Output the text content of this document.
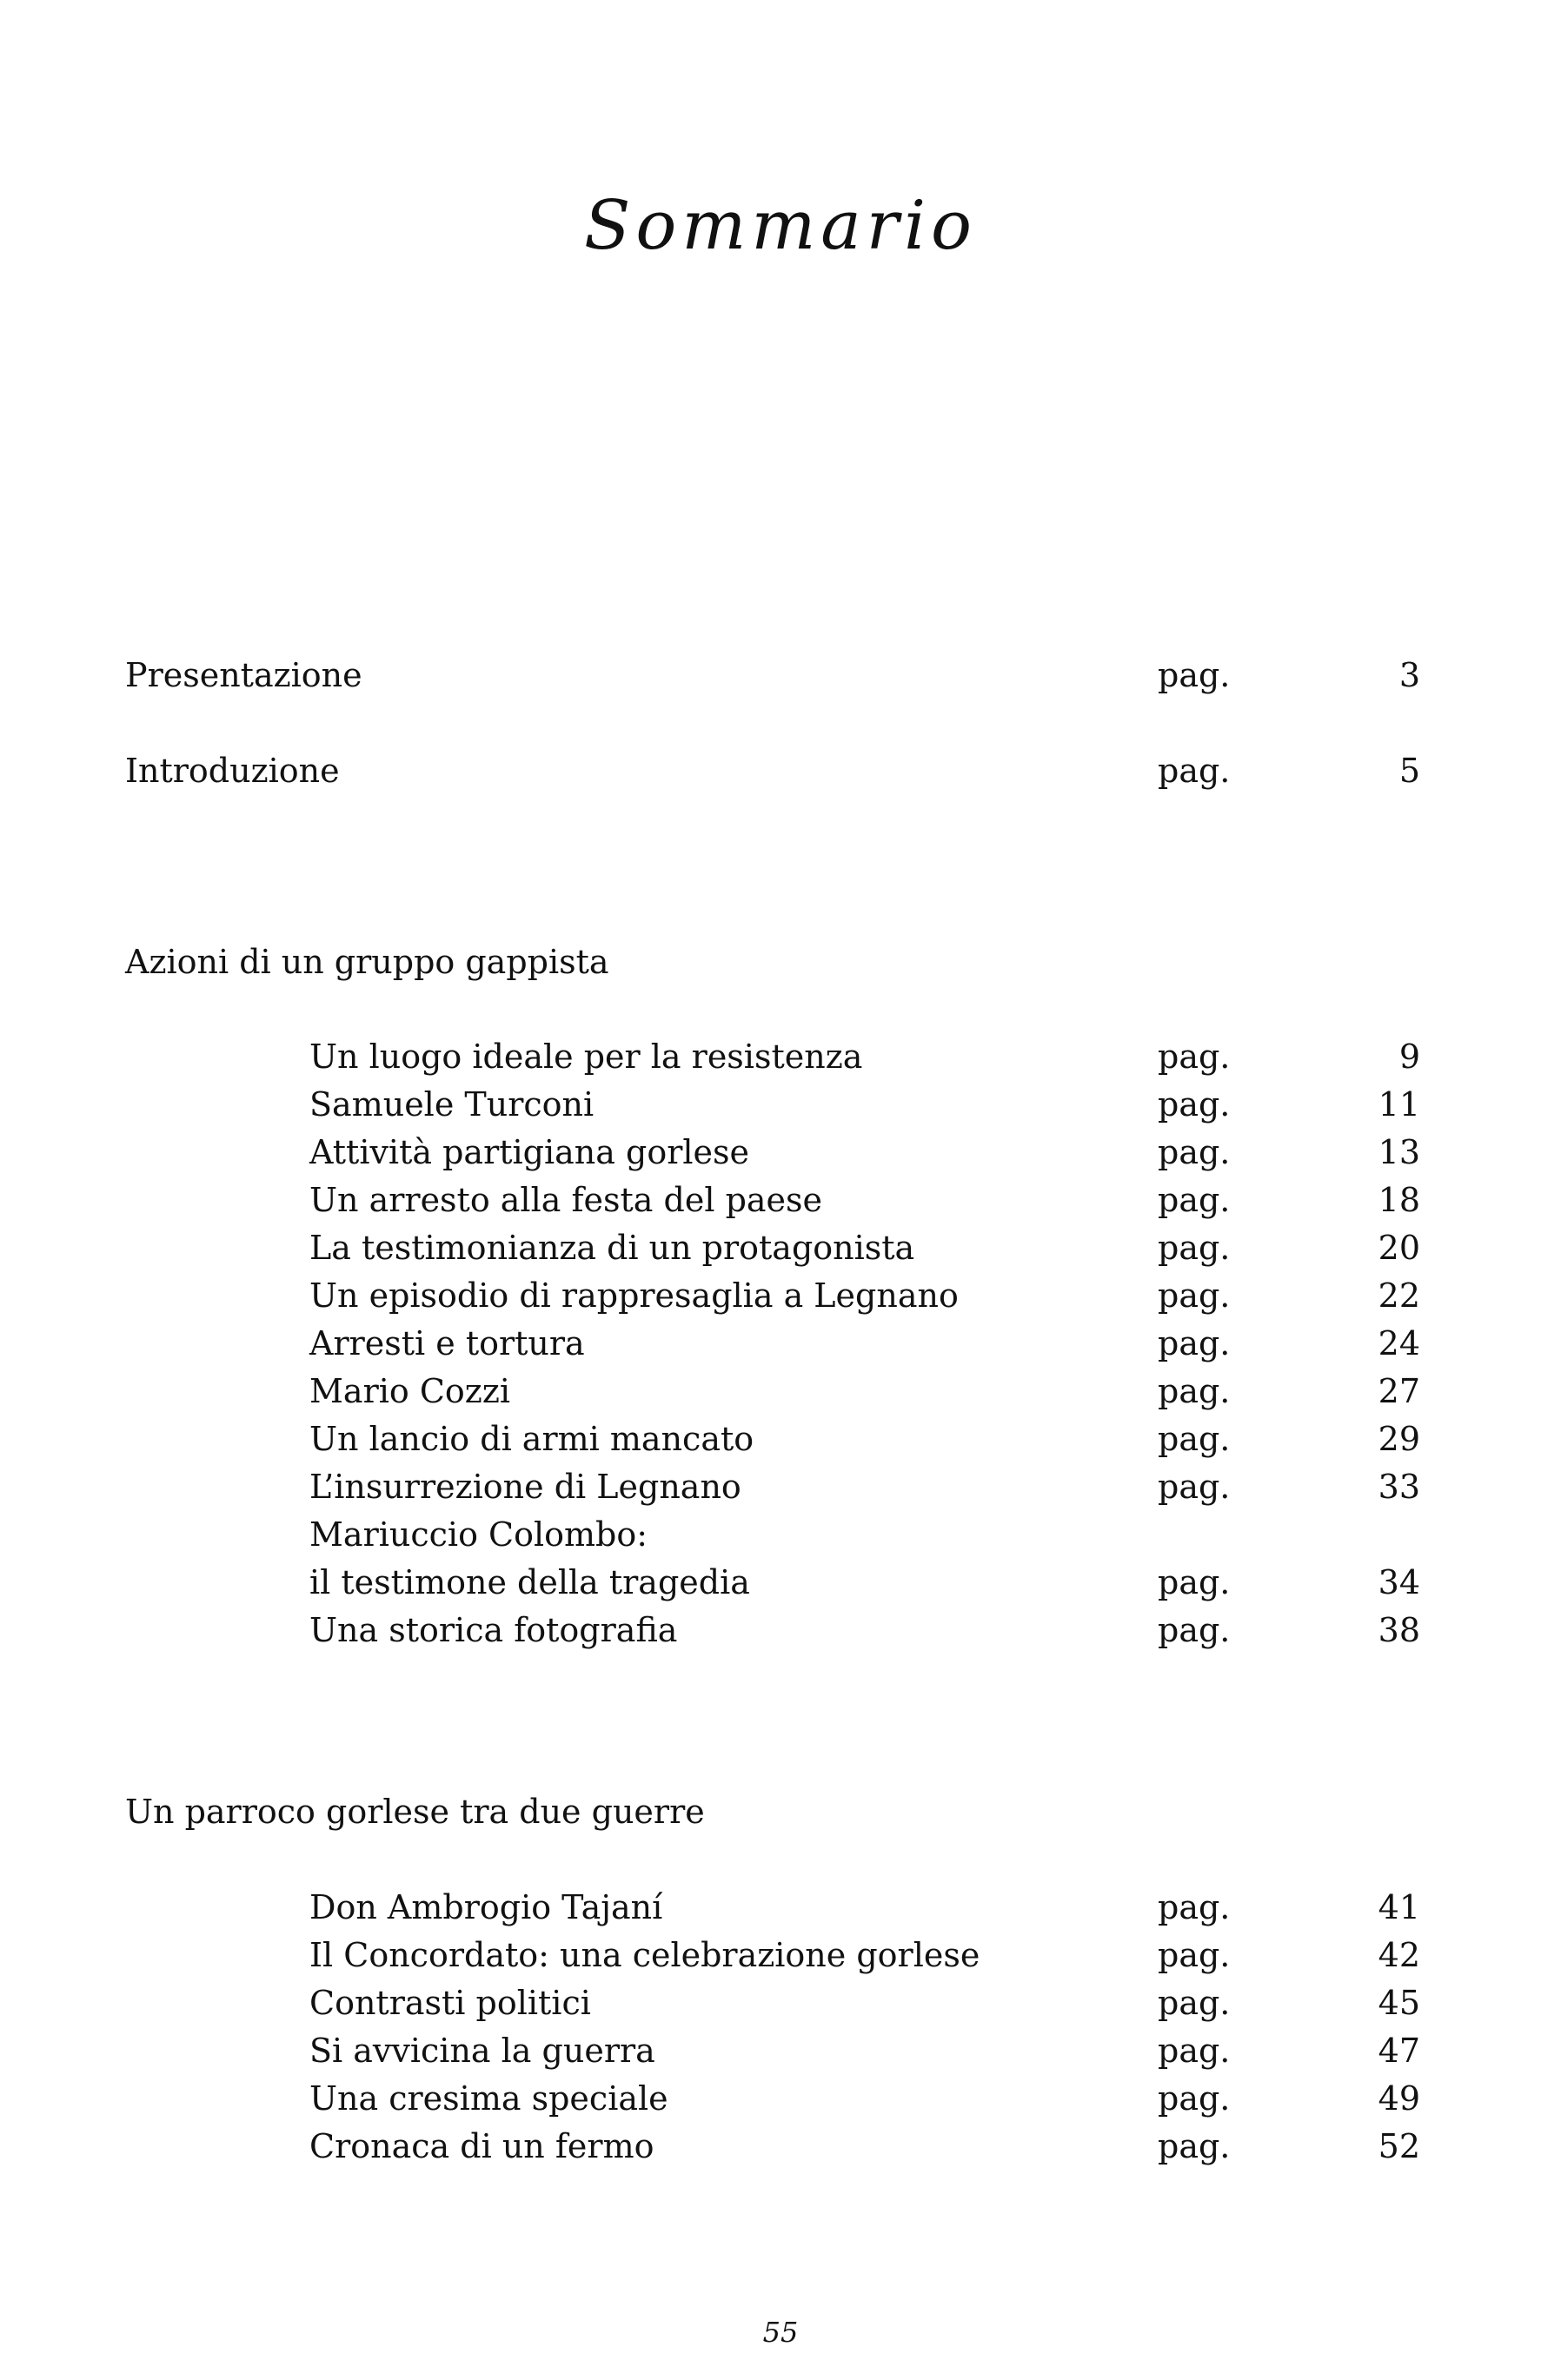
Sommario
Presentazione	pag.	3
Introduzione	pag.	5
Azioni di un gruppo gappista
Un luogo ideale per la resistenza	pag.	9
Samuele Turconi	pag.	11
Attività partigiana gorlese	pag.	13
Un arresto alla festa del paese	pag.	18
La testimonianza di un protagonista	pag.	20
Un episodio di rappresaglia a Legnano	pag.	22
Arresti e tortura	pag.	24
Mario Cozzi	pag.	27
Un lancio di armi mancato	pag.	29
L’insurrezione di Legnano	pag.	33
Mariuccio Colombo:
il testimone della tragedia	pag.	34
Una storica fotografia	pag.	38
Un parroco gorlese tra due guerre
Don Ambrogio Tajaní	pag.	41
Il Concordato: una celebrazione gorlese	pag.	42
Contrasti politici	pag.	45
Si avvicina la guerra	pag.	47
Una cresima speciale	pag.	49
Cronaca di un fermo	pag.	52
55
